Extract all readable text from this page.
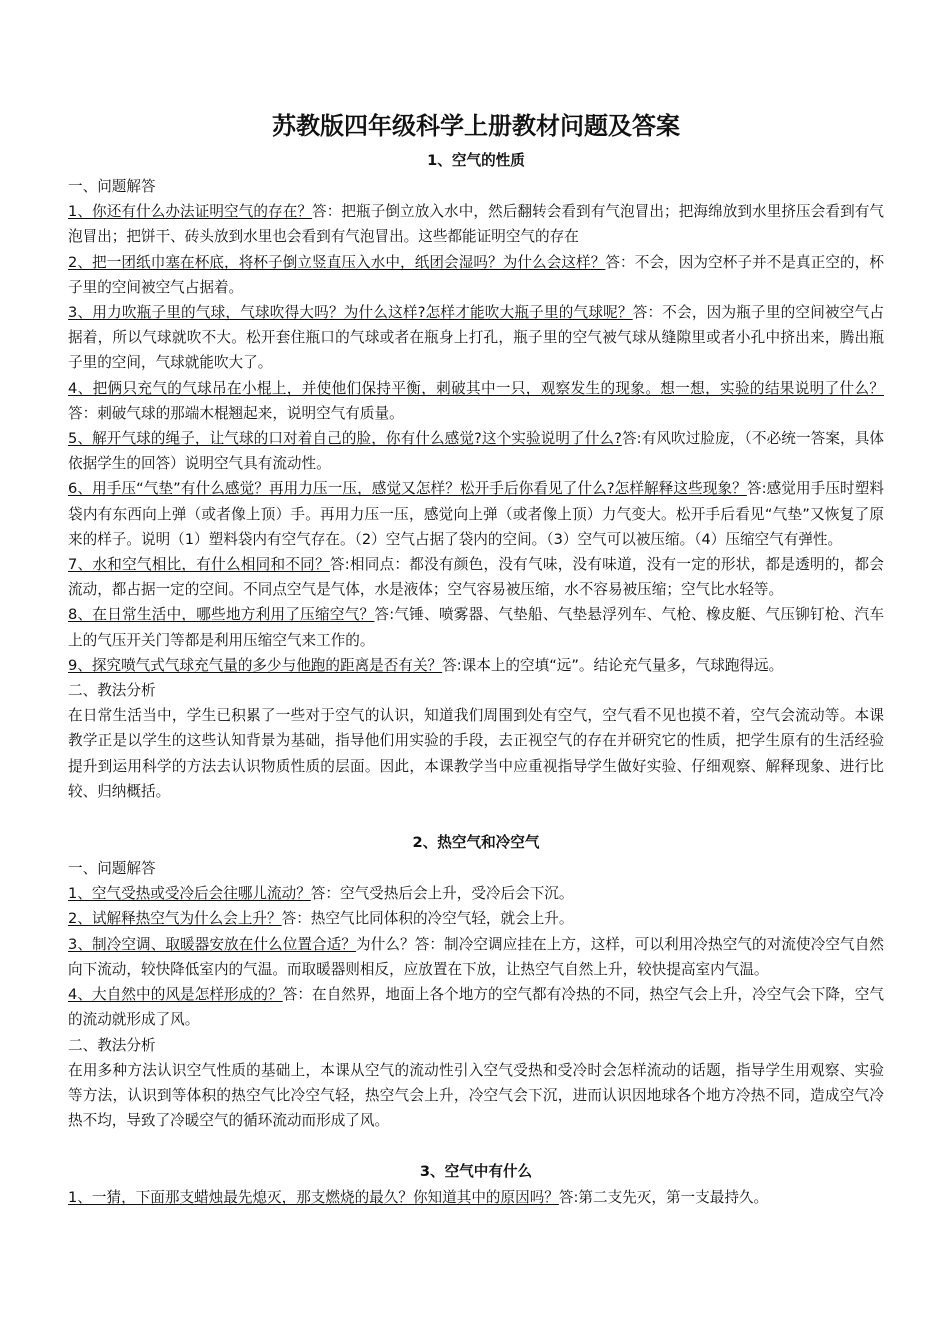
苏教版四年级科学上册教材问题及答案
1、空气的性质
一、问题解答

1、你还有什么办法证明空气的存在？答：把瓶子倒立放入水中，然后翻转会看到有气泡冒出；把海绵放到水里挤压会看到有气泡冒出；把饼干、砖头放到水里也会看到有气泡冒出。这些都能证明空气的存在

2、把一团纸巾塞在杯底，将杯子倒立竖直压入水中，纸团会湿吗？为什么会这样？答：不会，因为空杯子并不是真正空的，杯子里的空间被空气占据着。

3、用力吹瓶子里的气球，气球吹得大吗？为什么这样?怎样才能吹大瓶子里的气球呢？答：不会，因为瓶子里的空间被空气占据着，所以气球就吹不大。松开套住瓶口的气球或者在瓶身上打孔，瓶子里的空气被气球从缝隙里或者小孔中挤出来，腾出瓶子里的空间，气球就能吹大了。

4、把俩只充气的气球吊在小棍上，并使他们保持平衡，刺破其中一只，观察发生的现象。想一想，实验的结果说明了什么？答：刺破气球的那端木棍翘起来，说明空气有质量。

5、解开气球的绳子，让气球的口对着自己的脸，你有什么感觉?这个实验说明了什么?答:有风吹过脸庞，（不必统一答案，具体依据学生的回答）说明空气具有流动性。

6、用手压“气垫”有什么感觉？再用力压一压，感觉又怎样？松开手后你看见了什么?怎样解释这些现象？答:感觉用手压时塑料袋内有东西向上弹（或者像上顶）手。再用力压一压，感觉向上弹（或者像上顶）力气变大。松开手后看见“气垫”又恢复了原来的样子。说明（1）塑料袋内有空气存在。（2）空气占据了袋内的空间。（3）空气可以被压缩。（4）压缩空气有弹性。

7、水和空气相比，有什么相同和不同？答:相同点：都没有颜色，没有气味，没有味道，没有一定的形状，都是透明的，都会流动，都占据一定的空间。不同点空气是气体，水是液体；空气容易被压缩，水不容易被压缩；空气比水轻等。

8、在日常生活中，哪些地方利用了压缩空气？答:气锤、喷雾器、气垫船、气垫悬浮列车、气枪、橡皮艇、气压铆钉枪、汽车上的气压开关门等都是利用压缩空气来工作的。

9、探究喷气式气球充气量的多少与他跑的距离是否有关？答:课本上的空填“远”。结论充气量多，气球跑得远。

二、教法分析

在日常生活当中，学生已积累了一些对于空气的认识，知道我们周围到处有空气，空气看不见也摸不着，空气会流动等。本课教学正是以学生的这些认知背景为基础，指导他们用实验的手段，去正视空气的存在并研究它的性质，把学生原有的生活经验提升到运用科学的方法去认识物质性质的层面。因此，本课教学当中应重视指导学生做好实验、仔细观察、解释现象、进行比较、归纳概括。

2、热空气和冷空气
一、问题解答

1、空气受热或受冷后会往哪儿流动？答：空气受热后会上升，受冷后会下沉。

2、试解释热空气为什么会上升？答：热空气比同体积的冷空气轻，就会上升。

3、制冷空调、取暖器安放在什么位置合适？为什么？答：制冷空调应挂在上方，这样，可以利用冷热空气的对流使冷空气自然向下流动，较快降低室内的气温。而取暖器则相反，应放置在下放，让热空气自然上升，较快提高室内气温。

4、大自然中的风是怎样形成的？答：在自然界，地面上各个地方的空气都有冷热的不同，热空气会上升，冷空气会下降，空气的流动就形成了风。

二、教法分析

在用多种方法认识空气性质的基础上，本课从空气的流动性引入空气受热和受冷时会怎样流动的话题，指导学生用观察、实验等方法，认识到等体积的热空气比冷空气轻，热空气会上升，冷空气会下沉，进而认识因地球各个地方冷热不同，造成空气冷热不均，导致了冷暖空气的循环流动而形成了风。

3、空气中有什么

1、一猜，下面那支蜡烛最先熄灭，那支燃烧的最久？你知道其中的原因吗？答:第二支先灭，第一支最持久。
